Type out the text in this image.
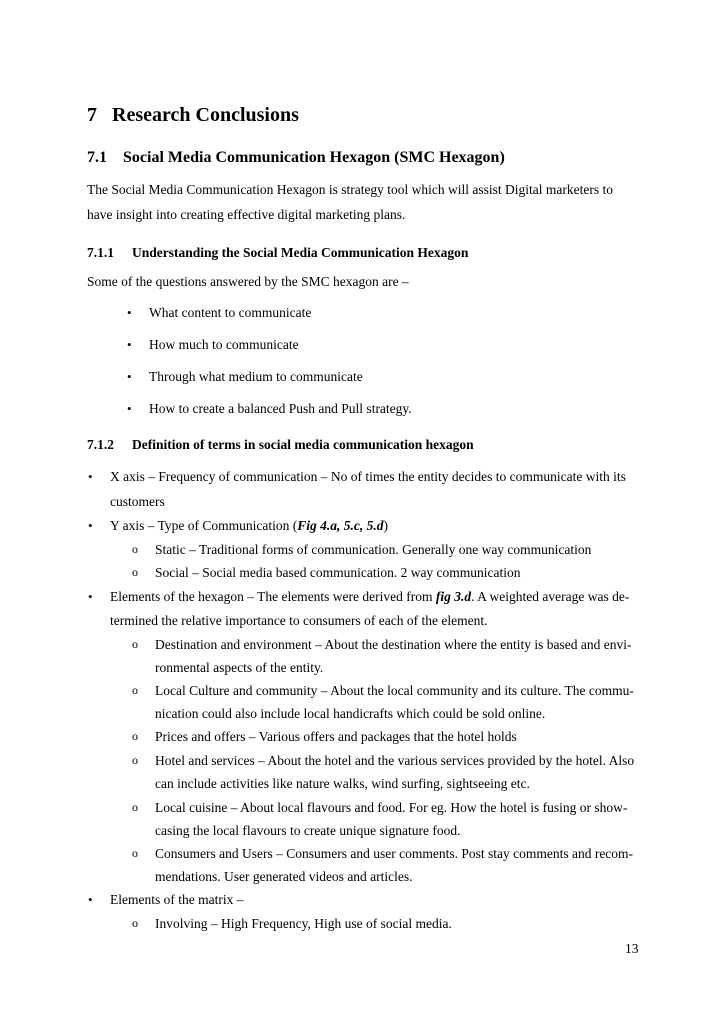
7 Research Conclusions
7.1 Social Media Communication Hexagon (SMC Hexagon)
The Social Media Communication Hexagon is strategy tool which will assist Digital marketers to
have insight into creating effective digital marketing plans.
7.1.1 Understanding the Social Media Communication Hexagon
Some of the questions answered by the SMC hexagon are –
• What content to communicate
• How much to communicate
• Through what medium to communicate
• How to create a balanced Push and Pull strategy.
7.1.2 Definition of terms in social media communication hexagon
• X axis – Frequency of communication – No of times the entity decides to communicate with its
customers
• Y axis – Type of Communication (Fig 4.a, 5.c, 5.d)
o Static – Traditional forms of communication. Generally one way communication
o Social – Social media based communication. 2 way communication
• Elements of the hexagon – The elements were derived from fig 3.d. A weighted average was de-
termined the relative importance to consumers of each of the element.
o Destination and environment – About the destination where the entity is based and envi-
ronmental aspects of the entity.
o Local Culture and community – About the local community and its culture. The commu-
nication could also include local handicrafts which could be sold online.
o Prices and offers – Various offers and packages that the hotel holds
o Hotel and services – About the hotel and the various services provided by the hotel. Also
can include activities like nature walks, wind surfing, sightseeing etc.
o Local cuisine – About local flavours and food. For eg. How the hotel is fusing or show-
casing the local flavours to create unique signature food.
o Consumers and Users – Consumers and user comments. Post stay comments and recom-
mendations. User generated videos and articles.
• Elements of the matrix –
o Involving – High Frequency, High use of social media.
13
